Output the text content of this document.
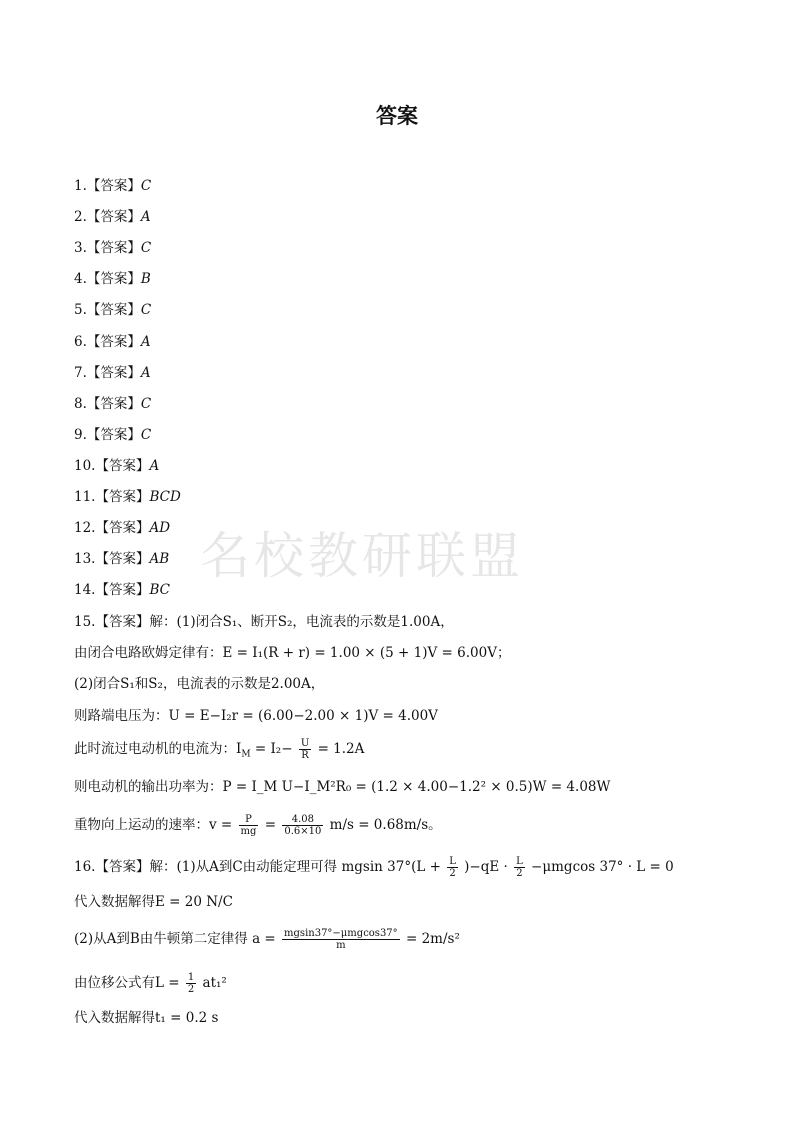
答案
名校教研联盟
1.【答案】C
2.【答案】A
3.【答案】C
4.【答案】B
5.【答案】C
6.【答案】A
7.【答案】A
8.【答案】C
9.【答案】C
10.【答案】A
11.【答案】BCD
12.【答案】AD
13.【答案】AB
14.【答案】BC
15.【答案】解：(1)闭合S₁、断开S₂，电流表的示数是1.00A，
由闭合电路欧姆定律有：E = I₁(R + r) = 1.00 × (5 + 1)V = 6.00V；
(2)闭合S₁和S₂，电流表的示数是2.00A，
则路端电压为：U = E−I₂r = (6.00−2.00 × 1)V = 4.00V
此时流过电动机的电流为：$I_M = I_2- \frac{U}{R} = 1.2A$
则电动机的输出功率为：P = I_M U−I_M²R₀ = (1.2 × 4.00−1.2² × 0.5)W = 4.08W
重物向上运动的速率：$v = \frac{P}{mg} = \frac{4.08}{0.6\times 10} m/s = 0.68m/s$。
16.【答案】解：(1)从A到C由动能定理可得 mgsin $37^\circ(L + \frac{L}{2} )-qE \cdot \frac{L}{2} -\mu mgcos$ 37° · L = 0
代入数据解得E = 20 N/C
(2)从A到B由牛顿第二定律得 $a = \frac{\text{mgsin37°−μmgcos37°}}{m} = 2m/s^2$
由位移公式有$L = \frac{1}{2} at_1^2$
代入数据解得t₁ = 0.2 s
